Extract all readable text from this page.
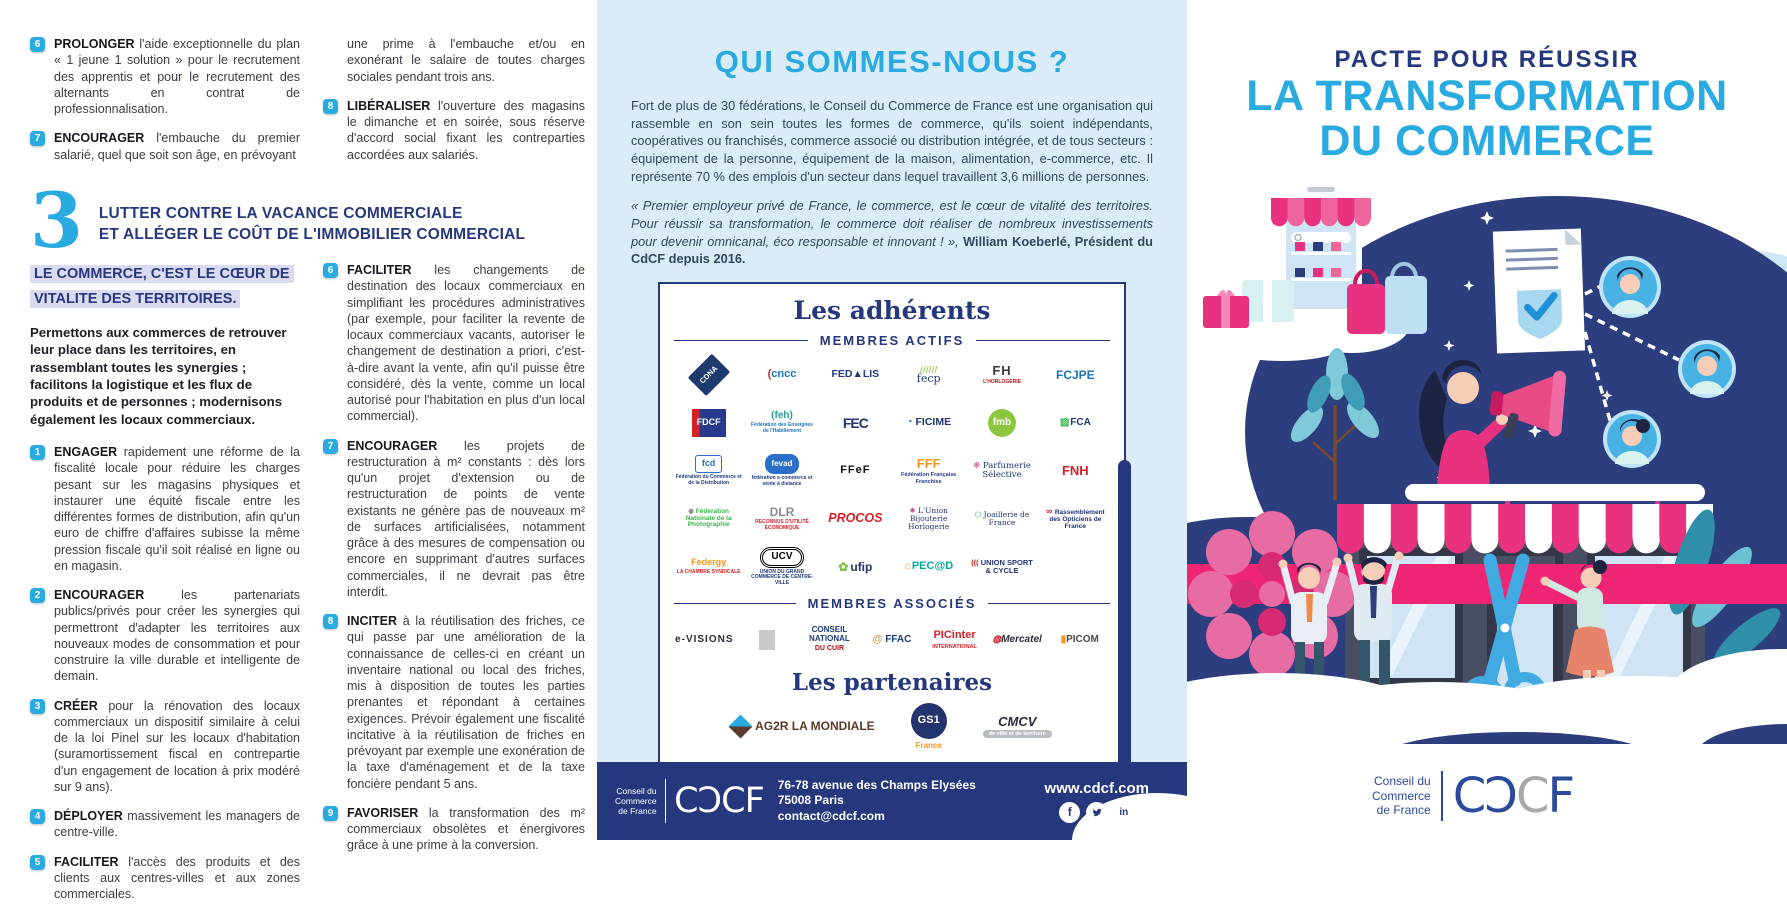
6	PROLONGER l'aide exceptionnelle du plan « 1 jeune 1 solution » pour le recrutement des apprentis et pour le recrutement des alternants en contrat de professionnalisation.
7	ENCOURAGER l'embauche du premier salarié, quel que soit son âge, en prévoyant
une prime à l'embauche et/ou en exonérant le salaire de toutes charges sociales pendant trois ans.
8	LIBÉRALISER l'ouverture des magasins le dimanche et en soirée, sous réserve d'accord social fixant les contreparties accordées aux salariés.
3 LUTTER CONTRE LA VACANCE COMMERCIALE
ET ALLÉGER LE COÛT DE L'IMMOBILIER COMMERCIAL
LE COMMERCE, C'EST LE CŒUR DE VITALITE DES TERRITOIRES.
Permettons aux commerces de retrouver leur place dans les territoires, en rassemblant toutes les synergies ; facilitons la logistique et les flux de produits et de personnes ; modernisons également les locaux commerciaux.
1	ENGAGER rapidement une réforme de la fiscalité locale pour réduire les charges pesant sur les magasins physiques et instaurer une équité fiscale entre les différentes formes de distribution, afin qu'un euro de chiffre d'affaires subisse la même pression fiscale qu'il soit réalisé en ligne ou en magasin.
2	ENCOURAGER les partenariats publics/privés pour créer les synergies qui permettront d'adapter les territoires aux nouveaux modes de consommation et pour construire la ville durable et intelligente de demain.
3	CRÉER pour la rénovation des locaux commerciaux un dispositif similaire à celui de la loi Pinel sur les locaux d'habitation (suramortissement fiscal en contrepartie d'un engagement de location à prix modéré sur 9 ans).
4	DÉPLOYER massivement les managers de centre-ville.
5	FACILITER l'accès des produits et des clients aux centres-villes et aux zones commerciales.
6	FACILITER les changements de destination des locaux commerciaux en simplifiant les procédures administratives (par exemple, pour faciliter la revente de locaux commerciaux vacants, autoriser le changement de destination a priori, c'est-à-dire avant la vente, afin qu'il puisse être considéré, dès la vente, comme un local autorisé pour l'habitation en plus d'un local commercial).
7	ENCOURAGER les projets de restructuration à m² constants : dès lors qu'un projet d'extension ou de restructuration de points de vente existants ne génère pas de nouveaux m² de surfaces artificialisées, notamment grâce à des mesures de compensation ou encore en supprimant d'autres surfaces commerciales, il ne devrait pas être interdit.
8	INCITER à la réutilisation des friches, ce qui passe par une amélioration de la connaissance de celles-ci en créant un inventaire national ou local des friches, mis à disposition de toutes les parties prenantes et répondant à certaines exigences. Prévoir également une fiscalité incitative à la réutilisation de friches en prévoyant par exemple une exonération de la taxe d'aménagement et de la taxe foncière pendant 5 ans.
9	FAVORISER la transformation des m² commerciaux obsolètes et énergivores grâce à une prime à la conversion.
QUI SOMMES-NOUS ?
Fort de plus de 30 fédérations, le Conseil du Commerce de France est une organisation qui rassemble en son sein toutes les formes de commerce, qu'ils soient indépendants, coopératives ou franchisés, commerce associé ou distribution intégrée, et de tous secteurs : équipement de la personne, équipement de la maison, alimentation, e-commerce, etc. Il représente 70 % des emplois d'un secteur dans lequel travaillent 3,6 millions de personnes.
« Premier employeur privé de France, le commerce, est le cœur de vitalité des territoires. Pour réussir sa transformation, le commerce doit réaliser de nombreux investissements pour devenir omnicanal, éco responsable et innovant ! », William Koeberlé, Président du CdCF depuis 2016.
Les adhérents
MEMBRES ACTIFS
CDNA	( cncc	FED▲LIS	////// fecp
FH
L'HORLOGERIE
FCJPE
FDCF
(feh)
Fédération des Enseignes de l'Habillement
FEC	◔ FICIME	fmb	▨ FCA
fcd
Fédération du Commerce et de la Distribution
fevad
fédération e-commerce et vente à distance
FFeF	FFF
Fédération Française Franchise
❋ Parfumerie Sélective	FNH
◉ Fédération Nationale de la Photographie
DLR
RECONNUS D'UTILITÉ ÉCONOMIQUE
PROCOS
✸ L'Union Bijouterie Horlogerie
⬡ Joaillerie de France
∞ Rassemblement des Opticiens de France
Federgy
LA CHAMBRE SYNDICALE
UCV
UNION DU GRAND COMMERCE DE CENTRE-VILLE
✿ ufip	⌂ PEC@D	((( UNION SPORT & CYCLE
MEMBRES ASSOCIÉS
e-VISIONS
CONSEIL NATIONAL
DU CUIR
@ FFAC PICinter
INTERNATIONAL
◍ Mercatel	▮ PICOM
Les partenaires
AG2R LA MONDIALE	GS1
France
CMCV
de ville et de territoire
Conseil du
Commerce
de France CƆCF 76-78 avenue des Champs Elysées
75008 Paris
contact@cdcf.com
www.cdcf.com
f	in
PACTE POUR RÉUSSIR
LA TRANSFORMATION
DU COMMERCE
Conseil du
Commerce
de France CƆCF
